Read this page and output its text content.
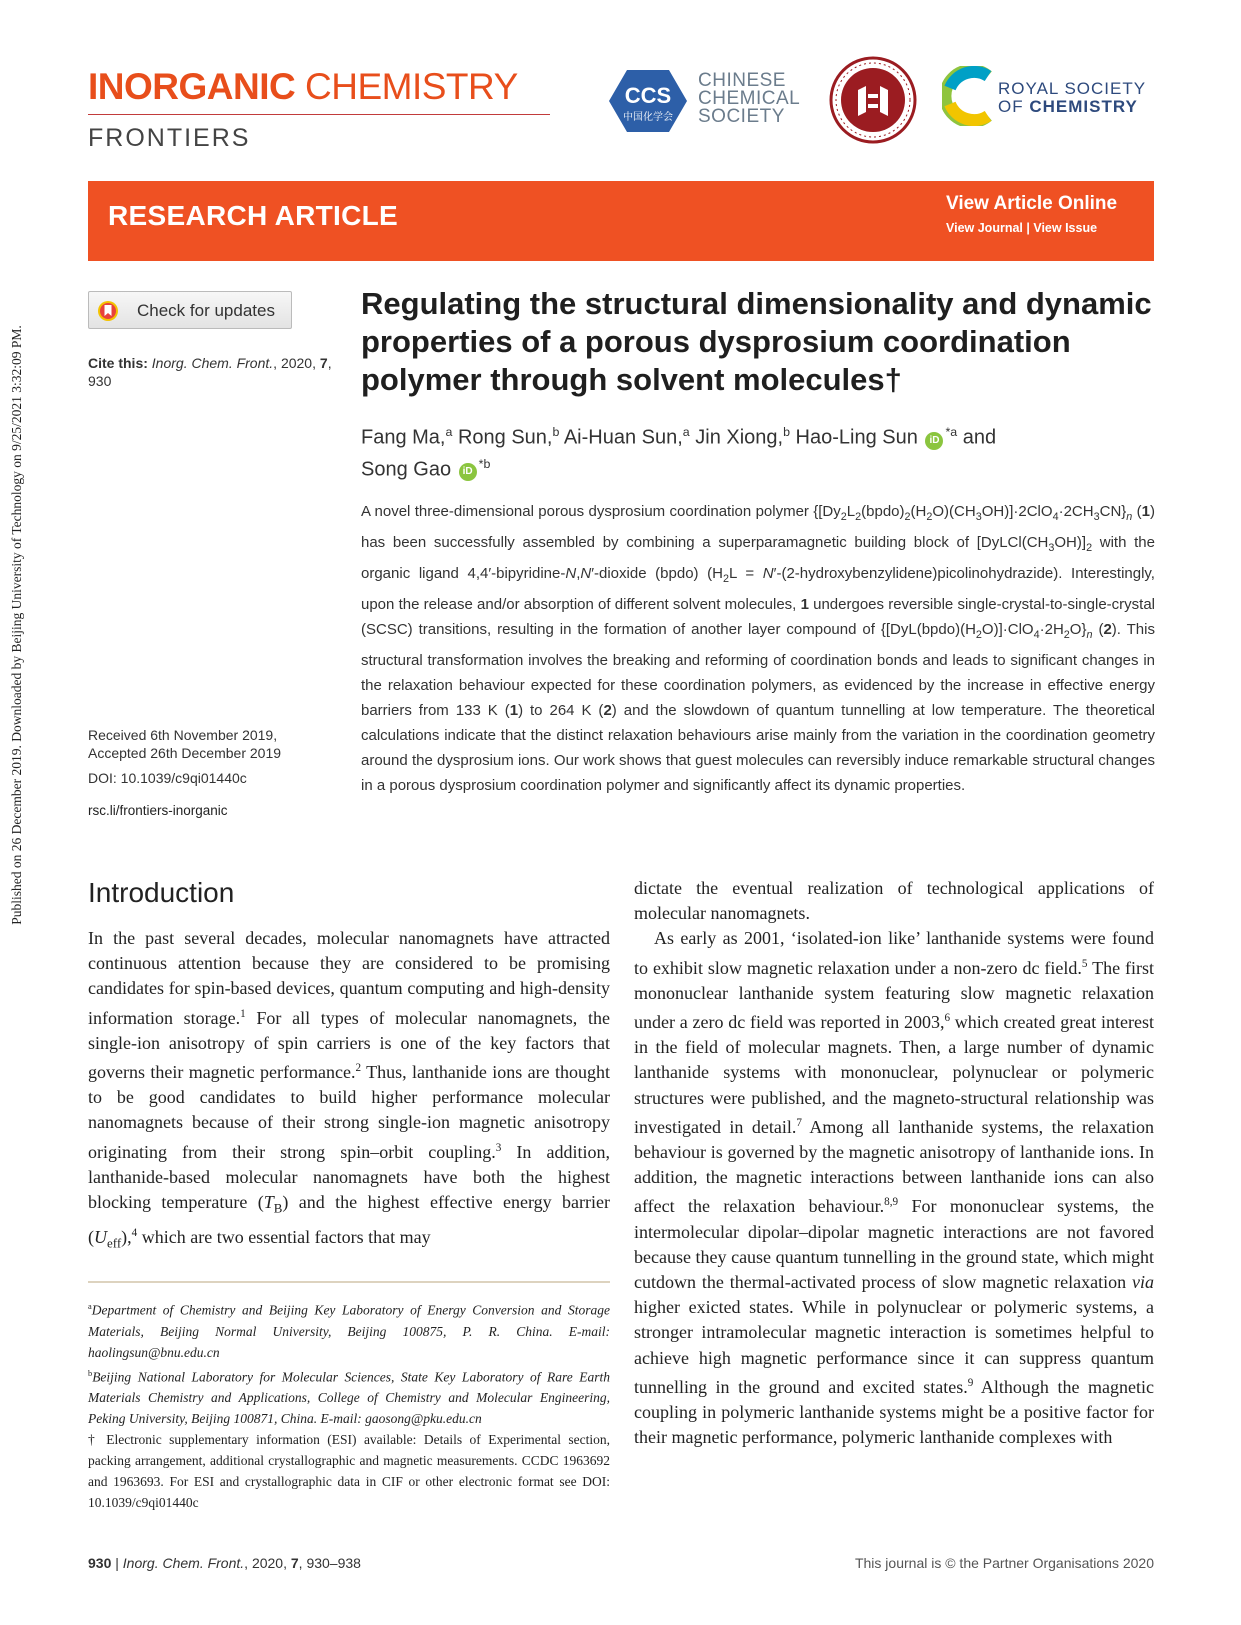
Published on 26 December 2019. Downloaded by Beijing University of Technology on 9/25/2021 3:32:09 PM.
INORGANIC CHEMISTRY
FRONTIERS
CCS
中国化学会
CHINESE
CHEMICAL
SOCIETY
ROYAL SOCIETY
OF CHEMISTRY
RESEARCH ARTICLE	View Article Online
View Journal | View Issue
Check for updates
Cite this: Inorg. Chem. Front., 2020, 7, 930
Received 6th November 2019,
Accepted 26th December 2019
DOI: 10.1039/c9qi01440c
rsc.li/frontiers-inorganic
Regulating the structural dimensionality and dynamic properties of a porous dysprosium coordination polymer through solvent molecules†
Fang Ma,$^a$ Rong Sun,$^b$ Ai-Huan Sun,$^a$ Jin Xiong,$^b$ Hao-Ling Sun $iD^{*a}$ and
Song Gao $iD^{*b}$
A novel three-dimensional porous dysprosium coordination polymer $\{[Dy_2L_2(bpdo)_2(H_2O)(CH_3OH)]\cdot 2ClO_4\cdot 2CH_3CN\}_n$ (1) has been successfully assembled by combining a superparamagnetic building block of $[DyLCl(CH_3OH)]_2$ with the organic ligand 4,4′-bipyridine-N,N′-dioxide (bpdo) ($H_2L$ = N′-(2-hydroxybenzylidene)picolinohydrazide). Interestingly, upon the release and/or absorption of different solvent molecules, 1 undergoes reversible single-crystal-to-single-crystal (SCSC) transitions, resulting in the formation of another layer compound of $\{[DyL(bpdo)(H_2O)]\cdot ClO_4\cdot 2H_2O\}_n$ (2). This structural transformation involves the breaking and reforming of coordination bonds and leads to significant changes in the relaxation behaviour expected for these coordination polymers, as evidenced by the increase in effective energy barriers from 133 K (1) to 264 K (2) and the slowdown of quantum tunnelling at low temperature. The theoretical calculations indicate that the distinct relaxation behaviours arise mainly from the variation in the coordination geometry around the dysprosium ions. Our work shows that guest molecules can reversibly induce remarkable structural changes in a porous dysprosium coordination polymer and significantly affect its dynamic properties.
Introduction

In the past several decades, molecular nanomagnets have attracted continuous attention because they are considered to be promising candidates for spin-based devices, quantum computing and high-density information storage.$^1$ For all types of molecular nanomagnets, the single-ion anisotropy of spin carriers is one of the key factors that governs their magnetic performance.$^2$ Thus, lanthanide ions are thought to be good candidates to build higher performance molecular nanomagnets because of their strong single-ion magnetic anisotropy originating from their strong spin–orbit coupling.$^3$ In addition, lanthanide-based molecular nanomagnets have both the highest blocking temperature $(T_B)$ and the highest effective energy barrier $(U_{eff}),^4$ which are two essential factors that may

dictate the eventual realization of technological applications of molecular nanomagnets.

As early as 2001, ‘isolated-ion like’ lanthanide systems were found to exhibit slow magnetic relaxation under a non-zero dc field.$^5$ The first mononuclear lanthanide system featuring slow magnetic relaxation under a zero dc field was reported in 2003,$^6$ which created great interest in the field of molecular magnets. Then, a large number of dynamic lanthanide systems with mononuclear, polynuclear or polymeric structures were published, and the magneto-structural relationship was investigated in detail.$^7$ Among all lanthanide systems, the relaxation behaviour is governed by the magnetic anisotropy of lanthanide ions. In addition, the magnetic interactions between lanthanide ions can also affect the relaxation behaviour.$^{8,9}$ For mononuclear systems, the intermolecular dipolar–dipolar magnetic interactions are not favored because they cause quantum tunnelling in the ground state, which might cutdown the thermal-activated process of slow magnetic relaxation via higher exicted states. While in polynuclear or polymeric systems, a stronger intramolecular magnetic interaction is sometimes helpful to achieve high magnetic performance since it can suppress quantum tunnelling in the ground and excited states.$^9$ Although the magnetic coupling in polymeric lanthanide systems might be a positive factor for their magnetic performance, polymeric lanthanide complexes with

$^a$Department of Chemistry and Beijing Key Laboratory of Energy Conversion and Storage Materials, Beijing Normal University, Beijing 100875, P. R. China. E-mail: haolingsun@bnu.edu.cn

$^b$Beijing National Laboratory for Molecular Sciences, State Key Laboratory of Rare Earth Materials Chemistry and Applications, College of Chemistry and Molecular Engineering, Peking University, Beijing 100871, China. E-mail: gaosong@pku.edu.cn

† Electronic supplementary information (ESI) available: Details of Experimental section, packing arrangement, additional crystallographic and magnetic measurements. CCDC 1963692 and 1963693. For ESI and crystallographic data in CIF or other electronic format see DOI: 10.1039/c9qi01440c

930 | Inorg. Chem. Front., 2020, 7, 930–938	This journal is © the Partner Organisations 2020
